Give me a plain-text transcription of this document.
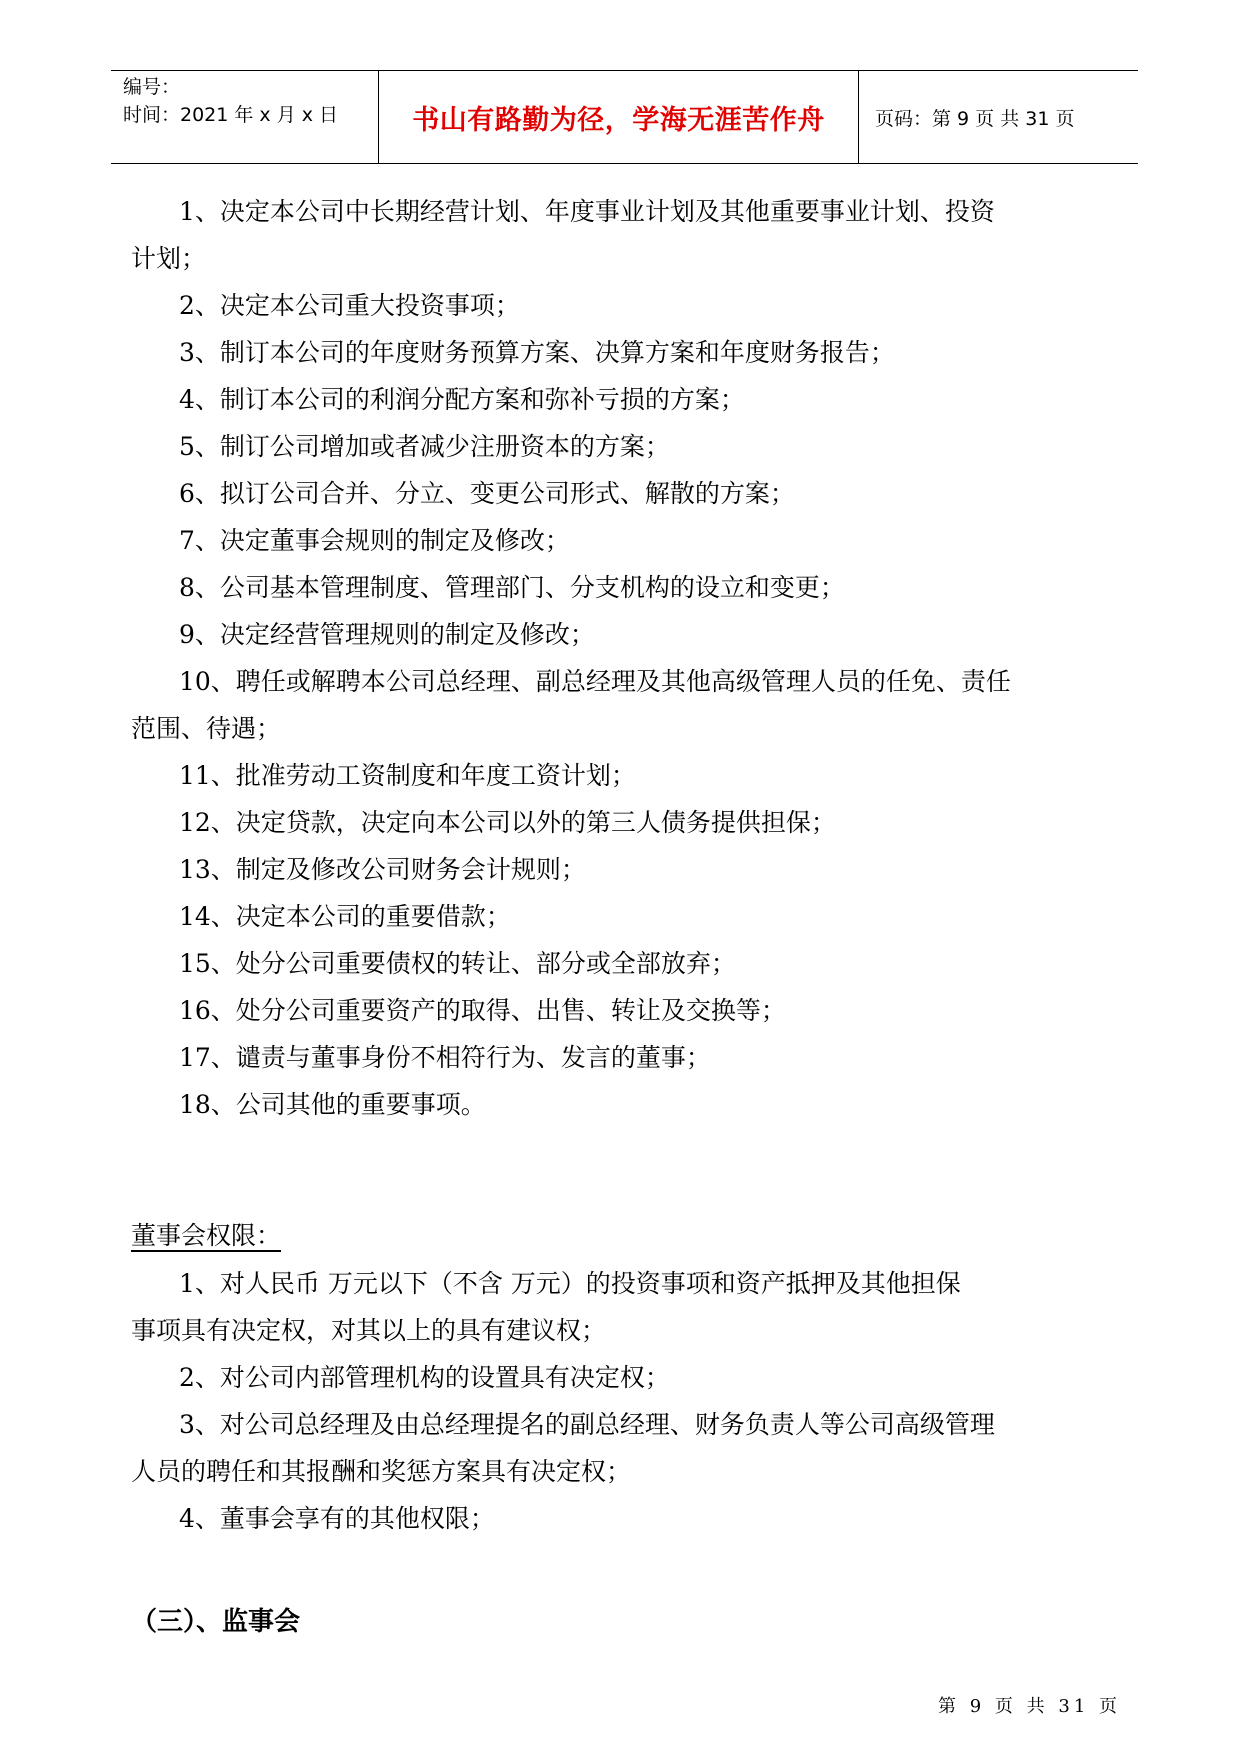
编号：
时间：2021 年 x 月 x 日	书山有路勤为径，学海无涯苦作舟	页码：第 9 页 共 31 页
1、决定本公司中长期经营计划、年度事业计划及其他重要事业计划、投资
计划；
2、决定本公司重大投资事项；
3、制订本公司的年度财务预算方案、决算方案和年度财务报告；
4、制订本公司的利润分配方案和弥补亏损的方案；
5、制订公司增加或者减少注册资本的方案；
6、拟订公司合并、分立、变更公司形式、解散的方案；
7、决定董事会规则的制定及修改；
8、公司基本管理制度、管理部门、分支机构的设立和变更；
9、决定经营管理规则的制定及修改；
10、聘任或解聘本公司总经理、副总经理及其他高级管理人员的任免、责任
范围、待遇；
11、批准劳动工资制度和年度工资计划；
12、决定贷款，决定向本公司以外的第三人债务提供担保；
13、制定及修改公司财务会计规则；
14、决定本公司的重要借款；
15、处分公司重要债权的转让、部分或全部放弃；
16、处分公司重要资产的取得、出售、转让及交换等；
17、谴责与董事身份不相符行为、发言的董事；
18、公司其他的重要事项。
董事会权限：
1、对人民币 万元以下（不含 万元）的投资事项和资产抵押及其他担保
事项具有决定权，对其以上的具有建议权；
2、对公司内部管理机构的设置具有决定权；
3、对公司总经理及由总经理提名的副总经理、财务负责人等公司高级管理
人员的聘任和其报酬和奖惩方案具有决定权；
4、董事会享有的其他权限；
（三）、监事会
第 9 页 共 31 页
